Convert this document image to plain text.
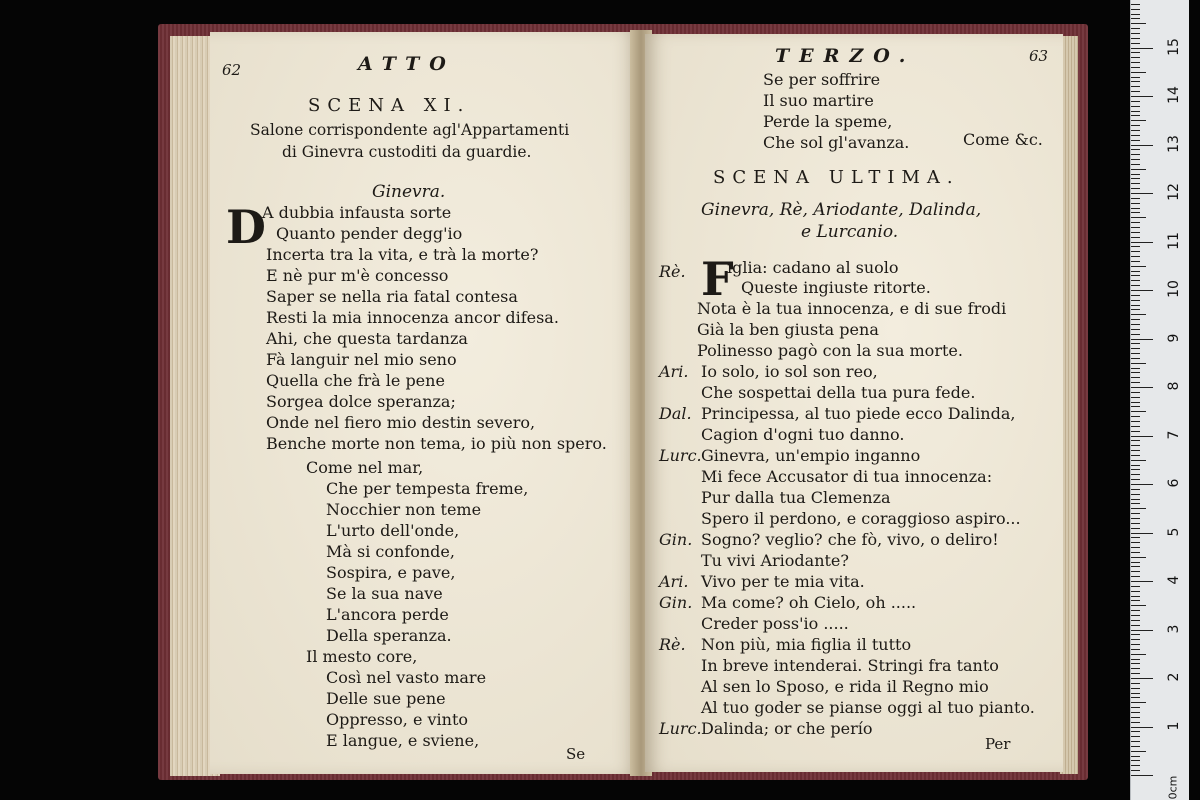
62	ATTO
SCENA XI.
Salone corrispondente agl'Appartamenti
di Ginevra custoditi da guardie.
Ginevra.
D
A dubbia infausta sorte
Quanto pender degg'io
Incerta tra la vita, e trà la morte?
E nè pur m'è concesso
Saper se nella ria fatal contesa
Resti la mia innocenza ancor difesa.
Ahi, che questa tardanza
Fà languir nel mio seno
Quella che frà le pene
Sorgea dolce speranza;
Onde nel fiero mio destin severo,
Benche morte non tema, io più non spero.
Come nel mar,
Che per tempesta freme,
Nocchier non teme
L'urto dell'onde,
Mà si confonde,
Sospira, e pave,
Se la sua nave
L'ancora perde
Della speranza.
Il mesto core,
Così nel vasto mare
Delle sue pene
Oppresso, e vinto
E langue, e sviene,
Se
TERZO.	63
Se per soffrire
Il suo martire
Perde la speme,
Che sol gl'avanza.	Come &c.
SCENA ULTIMA.
Ginevra, Rè, Ariodante, Dalinda,
e Lurcanio.
F
Rè.	iglia: cadano al suolo
Queste ingiuste ritorte.
Nota è la tua innocenza, e di sue frodi
Già la ben giusta pena
Polinesso pagò con la sua morte.
Ari. Io solo, io sol son reo,
Che sospettai della tua pura fede.
Dal. Principessa, al tuo piede ecco Dalinda,
Cagion d'ogni tuo danno.
Lurc. Ginevra, un'empio inganno
Mi fece Accusator di tua innocenza:
Pur dalla tua Clemenza
Spero il perdono, e coraggioso aspiro...
Gin. Sogno? veglio? che fò, vivo, o deliro!
Tu vivi Ariodante?
Ari. Vivo per te mia vita.
Gin. Ma come? oh Cielo, oh .....
Creder poss'io .....
Rè. Non più, mia figlia il tutto
In breve intenderai. Stringi fra tanto
Al sen lo Sposo, e rida il Regno mio
Al tuo goder se pianse oggi al tuo pianto.
Lurc. Dalinda; or che perío
Per
0cm
1
2
3
4
5
6
7
8
9
10
11
12
13
14
15
